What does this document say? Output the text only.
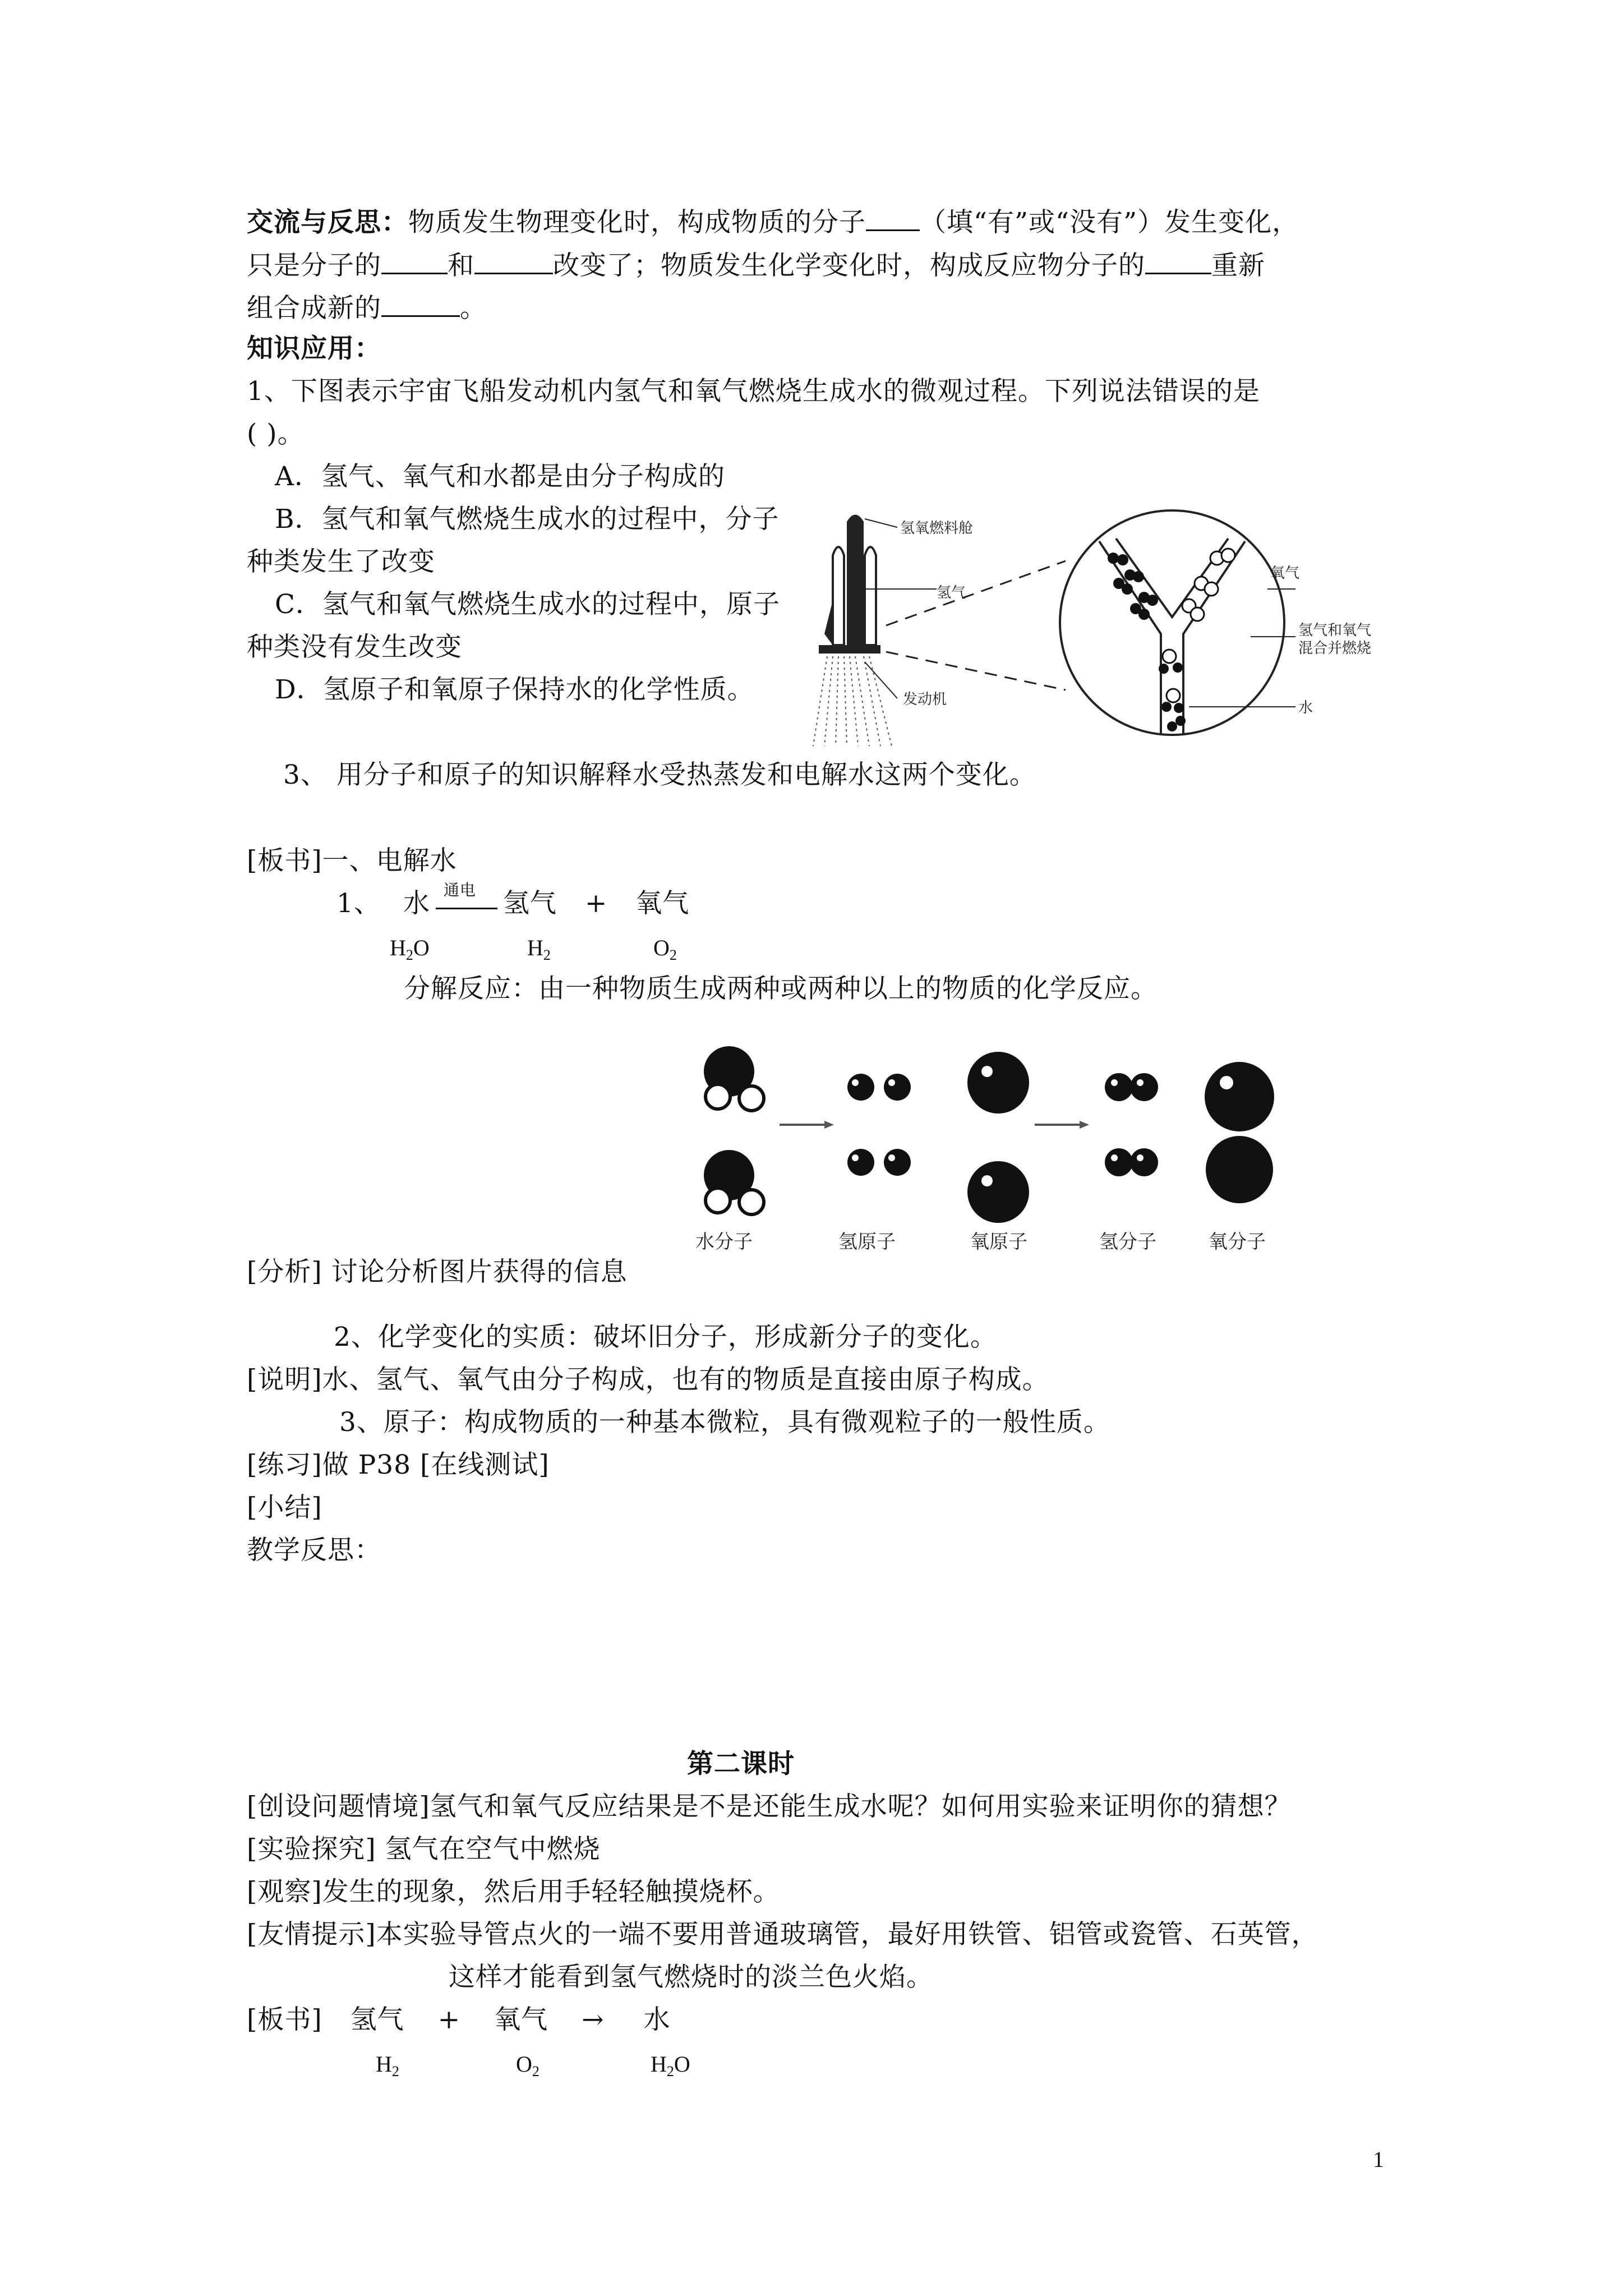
交流与反思：物质发生物理变化时，构成物质的分子 （填“有”或“没有”）发生变化，
只是分子的	和	改变了；物质发生化学变化时，构成反应物分子的	重新
组合成新的	。
知识应用：
1、下图表示宇宙飞船发动机内氢气和氧气燃烧生成水的微观过程。下列说法错误的是
( )。
A．氢气、氧气和水都是由分子构成的
B．氢气和氧气燃烧生成水的过程中，分子
种类发生了改变
C．氢气和氧气燃烧生成水的过程中，原子
种类没有发生改变
D．氢原子和氧原子保持水的化学性质。
氢氧燃料舱
氢气
发动机
氧气
氢气和氧气
混合并燃烧
水
3、 用分子和原子的知识解释水受热蒸发和电解水这两个变化。
[板书]一、电解水
1、 水 通电 氢气 + 氧气
$H_2O$	$H_2$	$O_2$
分解反应：由一种物质生成两种或两种以上的物质的化学反应。
水分子	氢原子	氧原子	氢分子	氧分子
[分析] 讨论分析图片获得的信息
2、化学变化的实质：破坏旧分子，形成新分子的变化。
[说明]水、氢气、氧气由分子构成，也有的物质是直接由原子构成。
3、原子：构成物质的一种基本微粒，具有微观粒子的一般性质。
[练习]做 P38 [在线测试]
[小结]
教学反思：
第二课时
[创设问题情境]氢气和氧气反应结果是不是还能生成水呢？如何用实验来证明你的猜想？
[实验探究] 氢气在空气中燃烧
[观察]发生的现象，然后用手轻轻触摸烧杯。
[友情提示]本实验导管点火的一端不要用普通玻璃管，最好用铁管、铝管或瓷管、石英管，
这样才能看到氢气燃烧时的淡兰色火焰。
[板书] 氢气 + 氧气 → 水
$H_2$	$O_2$	$H_2O$
1
